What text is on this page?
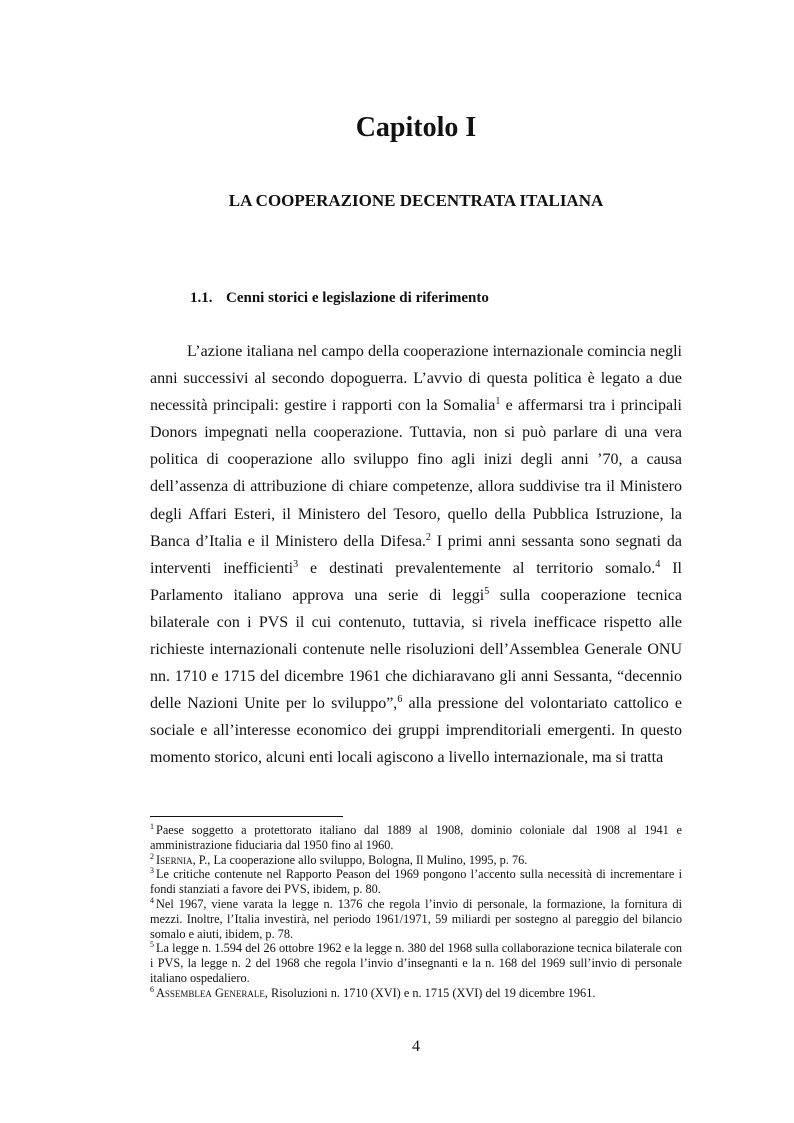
Capitolo I
LA COOPERAZIONE DECENTRATA ITALIANA
1.1. Cenni storici e legislazione di riferimento

L’azione italiana nel campo della cooperazione internazionale comincia negli anni successivi al secondo dopoguerra. L’avvio di questa politica è legato a due necessità principali: gestire i rapporti con la Somalia$^1$ e affermarsi tra i principali Donors impegnati nella cooperazione. Tuttavia, non si può parlare di una vera politica di cooperazione allo sviluppo fino agli inizi degli anni ’70, a causa dell’assenza di attribuzione di chiare competenze, allora suddivise tra il Ministero degli Affari Esteri, il Ministero del Tesoro, quello della Pubblica Istruzione, la Banca d’Italia e il Ministero della Difesa.$^2$ I primi anni sessanta sono segnati da interventi inefficienti$^3$ e destinati prevalentemente al territorio somalo.$^4$ Il Parlamento italiano approva una serie di leggi$^5$ sulla cooperazione tecnica bilaterale con i PVS il cui contenuto, tuttavia, si rivela inefficace rispetto alle richieste internazionali contenute nelle risoluzioni dell’Assemblea Generale ONU nn. 1710 e 1715 del dicembre 1961 che dichiaravano gli anni Sessanta, “decennio delle Nazioni Unite per lo sviluppo”,$^6$ alla pressione del volontariato cattolico e sociale e all’interesse economico dei gruppi imprenditoriali emergenti. In questo momento storico, alcuni enti locali agiscono a livello internazionale, ma si tratta

$^1$ Paese soggetto a protettorato italiano dal 1889 al 1908, dominio coloniale dal 1908 al 1941 e amministrazione fiduciaria dal 1950 fino al 1960.
$^2$ Isernia, P., La cooperazione allo sviluppo, Bologna, Il Mulino, 1995, p. 76.
$^3$ Le critiche contenute nel Rapporto Peason del 1969 pongono l’accento sulla necessità di incrementare i fondi stanziati a favore dei PVS, ibidem, p. 80.
$^4$ Nel 1967, viene varata la legge n. 1376 che regola l’invio di personale, la formazione, la fornitura di mezzi. Inoltre, l’Italia investirà, nel periodo 1961/1971, 59 miliardi per sostegno al pareggio del bilancio somalo e aiuti, ibidem, p. 78.
$^5$ La legge n. 1.594 del 26 ottobre 1962 e la legge n. 380 del 1968 sulla collaborazione tecnica bilaterale con i PVS, la legge n. 2 del 1968 che regola l’invio d’insegnanti e la n. 168 del 1969 sull’invio di personale italiano ospedaliero.
$^6$ Assemblea Generale, Risoluzioni n. 1710 (XVI) e n. 1715 (XVI) del 19 dicembre 1961.

4
